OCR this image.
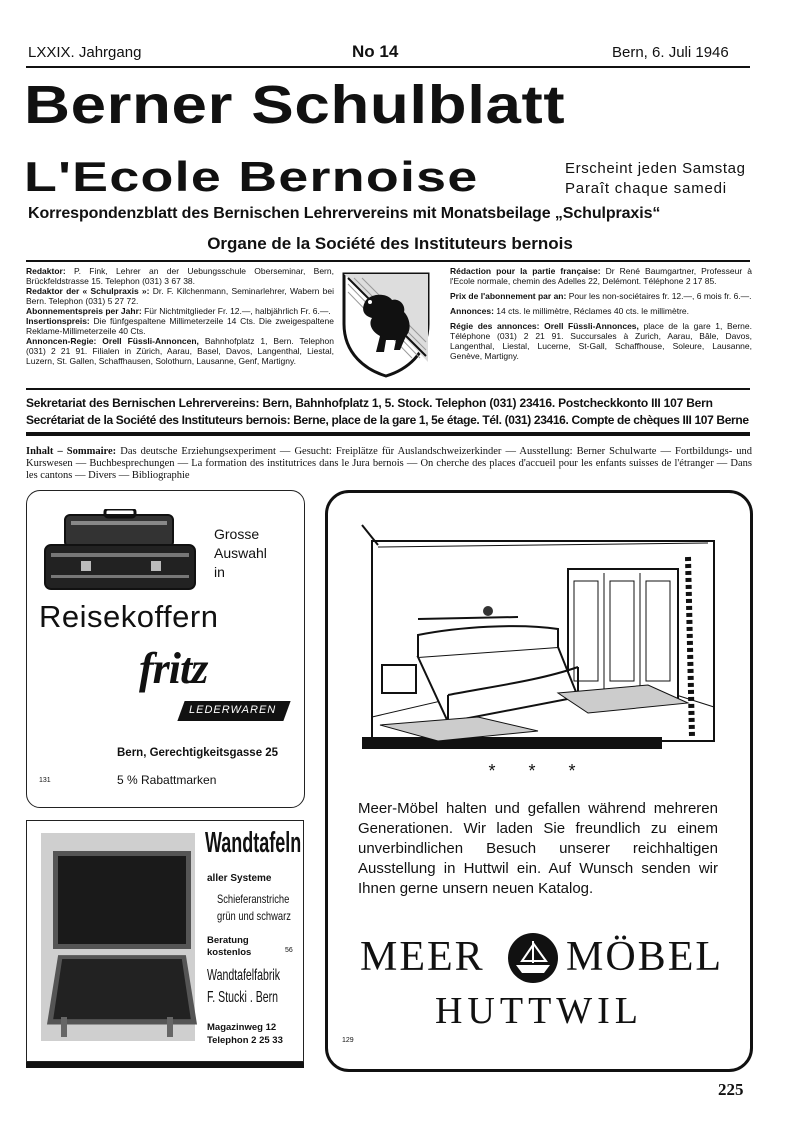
LXXIX. Jahrgang	No 14	Bern, 6. Juli 1946
Berner Schulblatt
L'Ecole Bernoise	Erscheint jeden Samstag
Paraît chaque samedi
Korrespondenzblatt des Bernischen Lehrervereins mit Monatsbeilage „Schulpraxis“
Organe de la Société des Instituteurs bernois
Redaktor: P. Fink, Lehrer an der Uebungsschule Oberseminar, Bern, Brückfeldstrasse 15. Telephon (031) 3 67 38.
Redaktor der « Schulpraxis »: Dr. F. Kilchenmann, Seminarlehrer, Wabern bei Bern. Telephon (031) 5 27 72.
Abonnementspreis per Jahr: Für Nichtmitglieder Fr. 12.—, halbjährlich Fr. 6.—.
Insertionspreis: Die fünfgespaltene Millimeterzeile 14 Cts. Die zweigespaltene Reklame-Millimeterzeile 40 Cts.
Annoncen-Regie: Orell Füssli-Annoncen, Bahnhofplatz 1, Bern. Telephon (031) 2 21 91. Filialen in Zürich, Aarau, Basel, Davos, Langenthal, Liestal, Luzern, St. Gallen, Schaffhausen, Solothurn, Lausanne, Genf, Martigny.
Rédaction pour la partie française: Dr René Baumgartner, Professeur à l'Ecole normale, chemin des Adelles 22, Delémont. Téléphone 2 17 85.
Prix de l'abonnement par an: Pour les non-sociétaires fr. 12.—, 6 mois fr. 6.—.
Annonces: 14 cts. le millimètre, Réclames 40 cts. le millimètre.
Régie des annonces: Orell Füssli-Annonces, place de la gare 1, Berne. Téléphone (031) 2 21 91. Succursales à Zurich, Aarau, Bâle, Davos, Langenthal, Liestal, Lucerne, St-Gall, Schaffhouse, Soleure, Lausanne, Genève, Martigny.
Sekretariat des Bernischen Lehrervereins: Bern, Bahnhofplatz 1, 5. Stock. Telephon (031) 23416. Postcheckkonto III 107 Bern
Secrétariat de la Société des Instituteurs bernois: Berne, place de la gare 1, 5e étage. Tél. (031) 23416. Compte de chèques III 107 Berne
Inhalt – Sommaire: Das deutsche Erziehungsexperiment — Gesucht: Freiplätze für Auslandschweizerkinder — Ausstellung: Berner Schulwarte — Fortbildungs- und Kurswesen — Buchbesprechungen — La formation des institutrices dans le Jura bernois — On cherche des places d'accueil pour les enfants suisses de l'étranger — Dans les cantons — Divers — Bibliographie
Grosse
Auswahl
in
Reisekoffern
fritz
LEDERWAREN
Bern, Gerechtigkeitsgasse 25
131	5 % Rabattmarken
Wandtafeln
aller Systeme
Schieferanstriche
grün und schwarz
Beratung
kostenlos	56
Wandtafelfabrik
F. Stucki . Bern
Magazinweg 12
Telephon 2 25 33
* * *
Meer-Möbel halten und gefallen während mehreren Generationen. Wir laden Sie freundlich zu einem unverbindlichen Besuch unserer reichhaltigen Ausstellung in Huttwil ein. Auf Wunsch senden wir Ihnen gerne unsern neuen Katalog.
MEER MÖBEL
HUTTWIL
129
225
